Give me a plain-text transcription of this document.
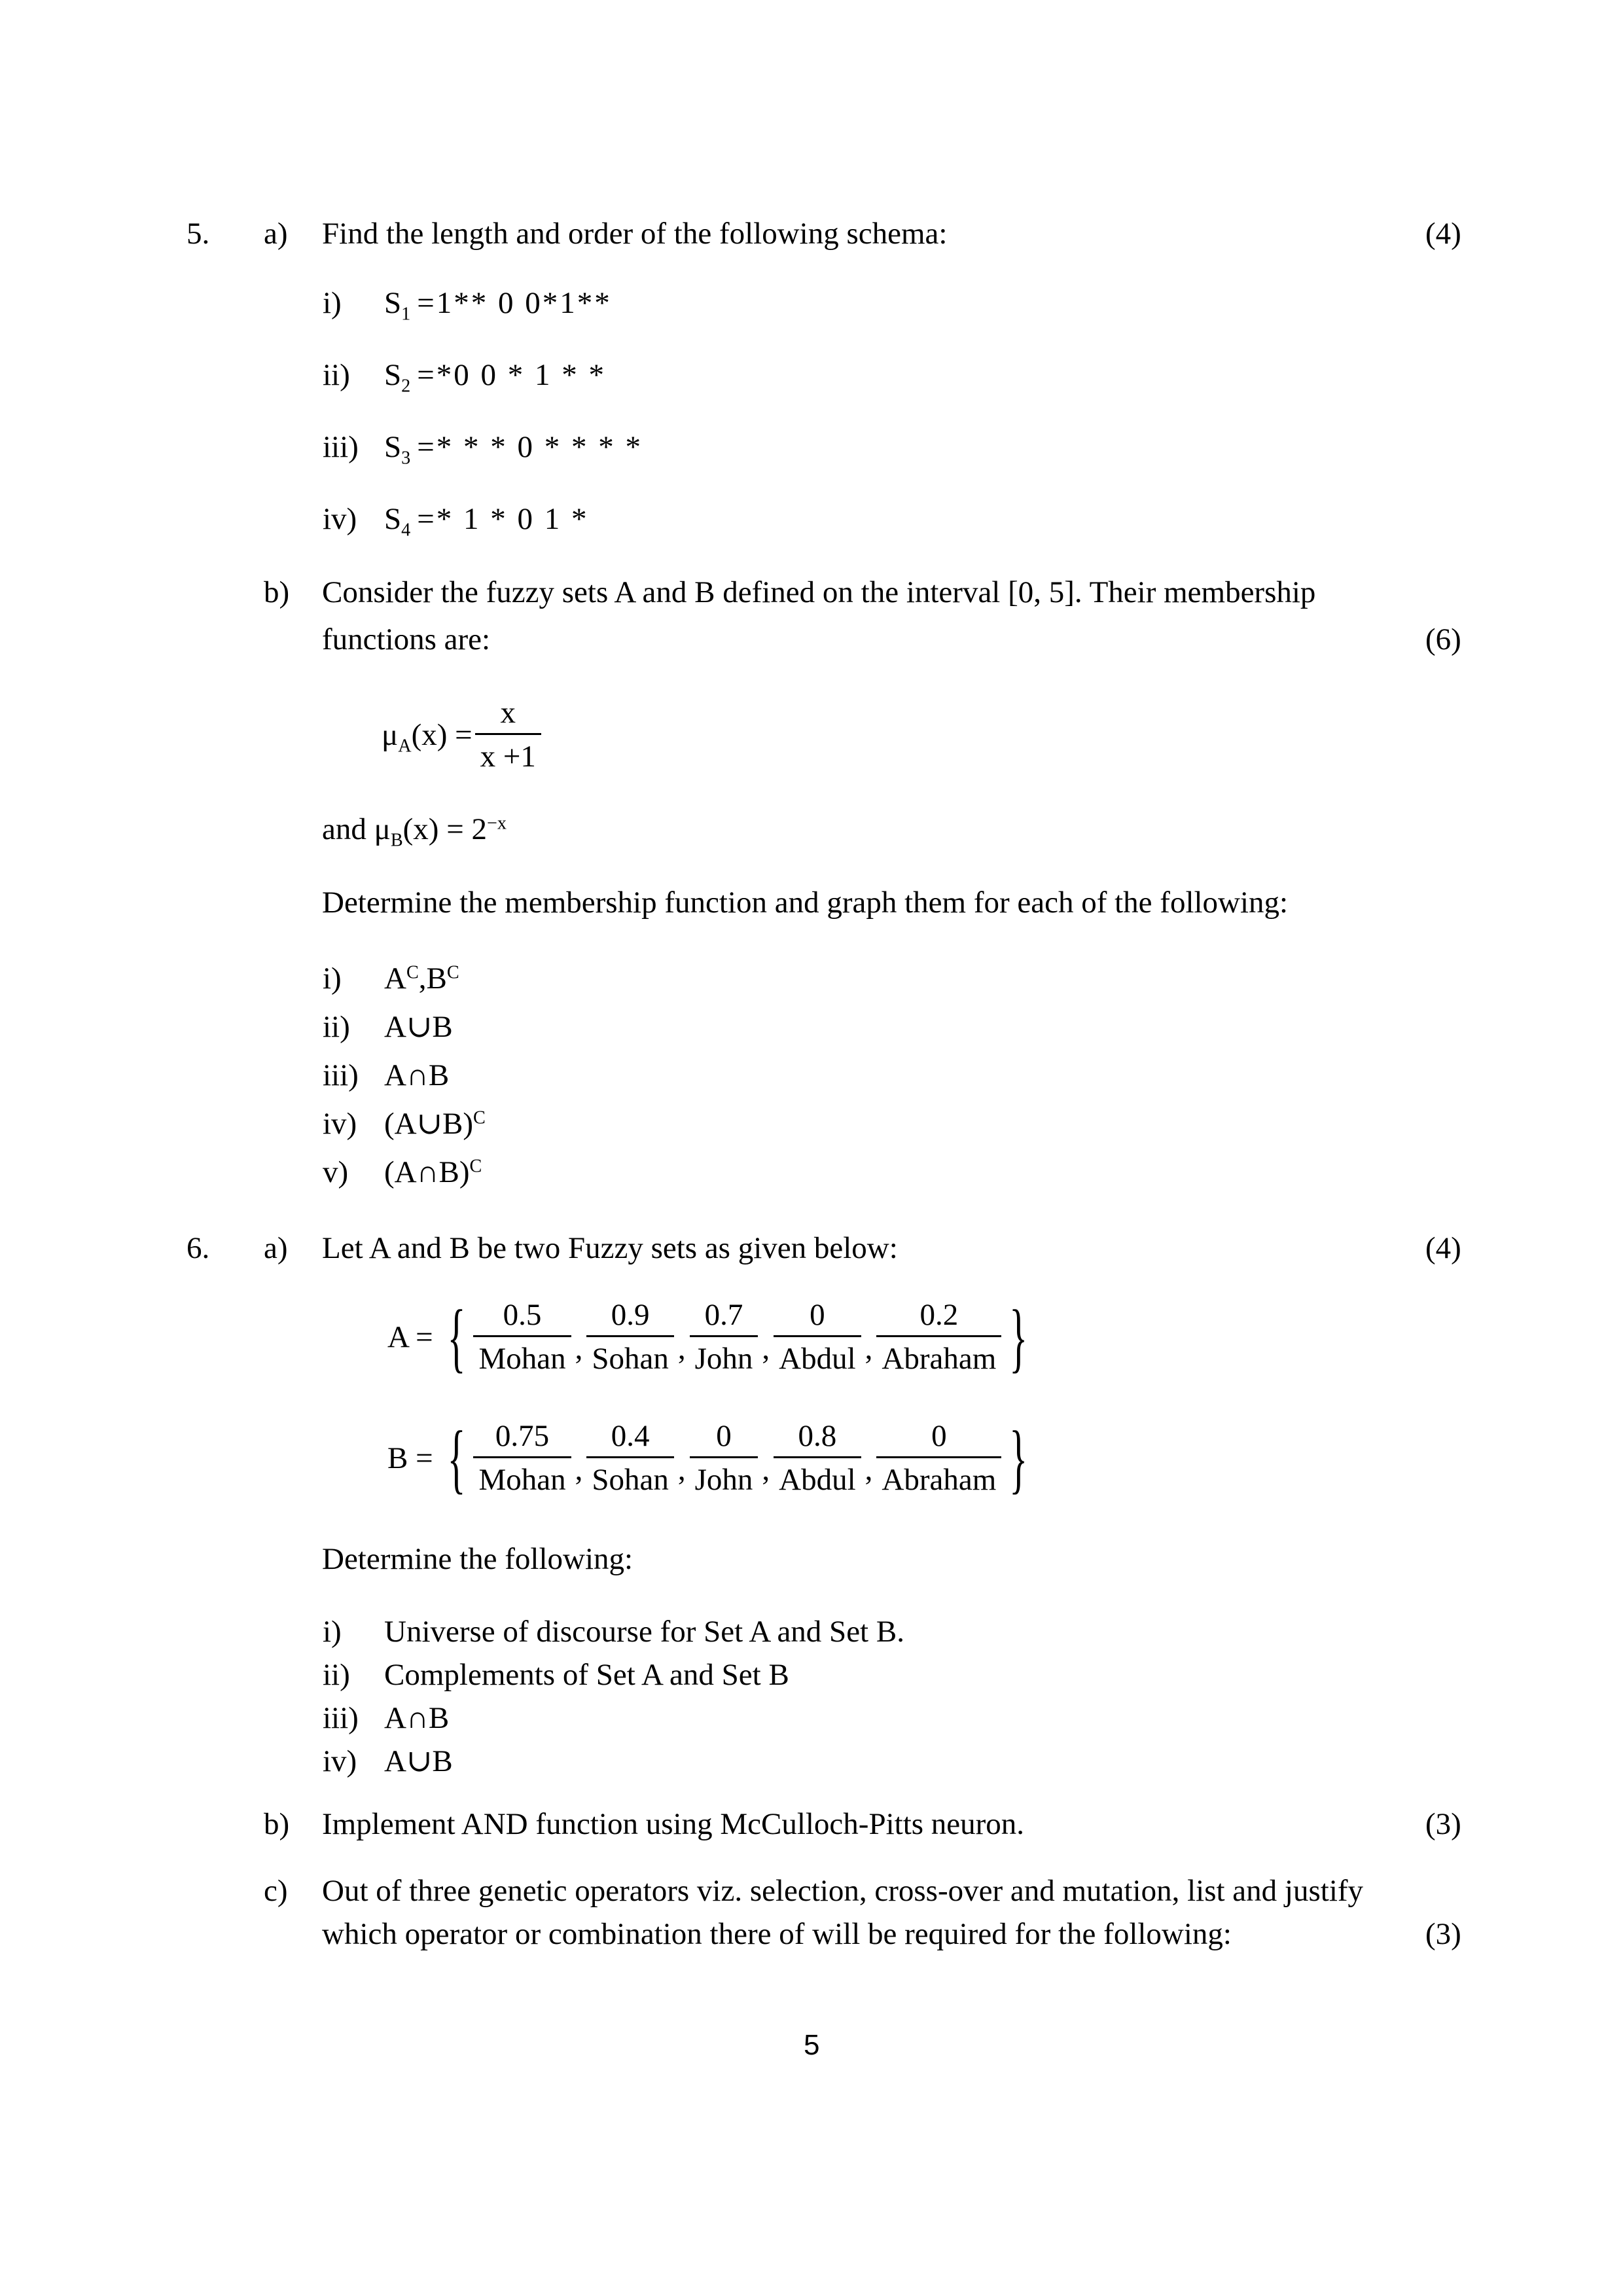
5. a) Find the length and order of the following schema:	(4)
i) $S_1 =1**$ 0 0*1**
ii) $S_2 =*0$ 0 * 1 * *
iii) $S_3$ =* * * 0 * * * *
iv) $S_4 =* 1 * 0$ 1 *
b) Consider the fuzzy sets A and B defined on the interval [0, 5]. Their membership
functions are:	(6)
$\mu_A(x) = \frac{x}{x +1}$
and $\mu_B(x) = 2^{-x}$
Determine the membership function and graph them for each of the following:
i) $A^C,B^C$
ii) A∪B
iii) A∩B
iv) (A∪B)$^C$
v) (A∩B)$^C$
6. a) Let A and B be two Fuzzy sets as given below:	(4)
A = { $\frac{0.5}{\text{Mohan}}$ , $\frac{0.9}{\text{Sohan}}$ , $\frac{0.7}{\text{John}}$ , $\frac{0}{\text{Abdul}}$ , $\frac{0.2}{\text{Abraham}}$ }
B = { $\frac{0.75}{\text{Mohan}}$ , $\frac{0.4}{\text{Sohan}}$ , $\frac{0}{\text{John}}$ , $\frac{0.8}{\text{Abdul}}$ , $\frac{0}{\text{Abraham}}$ }
Determine the following:
i) Universe of discourse for Set A and Set B.
ii) Complements of Set A and Set B
iii) A∩B
iv) A∪B
b) Implement AND function using McCulloch-Pitts neuron.	(3)
c) Out of three genetic operators viz. selection, cross-over and mutation, list and justify
which operator or combination there of will be required for the following:	(3)
5
